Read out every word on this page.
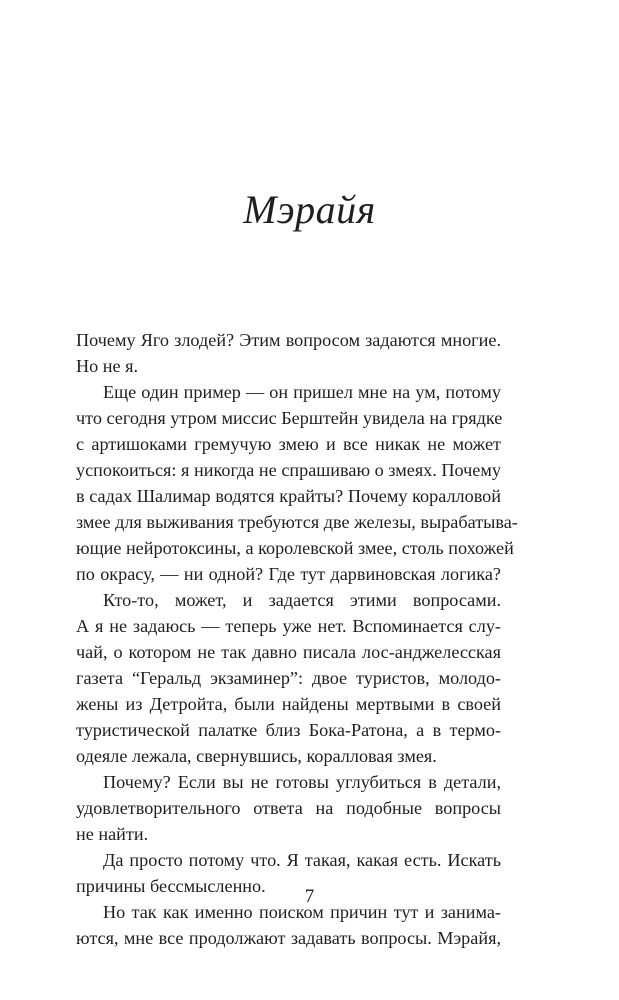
Мэрайя
Почему Яго злодей? Этим вопросом задаются многие.
Но не я.
Еще один пример — он пришел мне на ум, потому
что сегодня утром миссис Берштейн увидела на грядке
с артишоками гремучую змею и все никак не может
успокоиться: я никогда не спрашиваю о змеях. Почему
в садах Шалимар водятся крайты? Почему коралловой
змее для выживания требуются две железы, вырабатыва-
ющие нейротоксины, а королевской змее, столь похожей
по окрасу, — ни одной? Где тут дарвиновская логика?
Кто-то, может, и задается этими вопросами.
А я не задаюсь — теперь уже нет. Вспоминается слу-
чай, о котором не так давно писала лос-анджелесская
газета “Геральд экзаминер”: двое туристов, молодо-
жены из Детройта, были найдены мертвыми в своей
туристической палатке близ Бока-Ратона, а в термо-
одеяле лежала, свернувшись, коралловая змея.
Почему? Если вы не готовы углубиться в детали,
удовлетворительного ответа на подобные вопросы
не найти.
Да просто потому что. Я такая, какая есть. Искать
причины бессмысленно.
Но так как именно поиском причин тут и занима-
ются, мне все продолжают задавать вопросы. Мэрайя,
7
